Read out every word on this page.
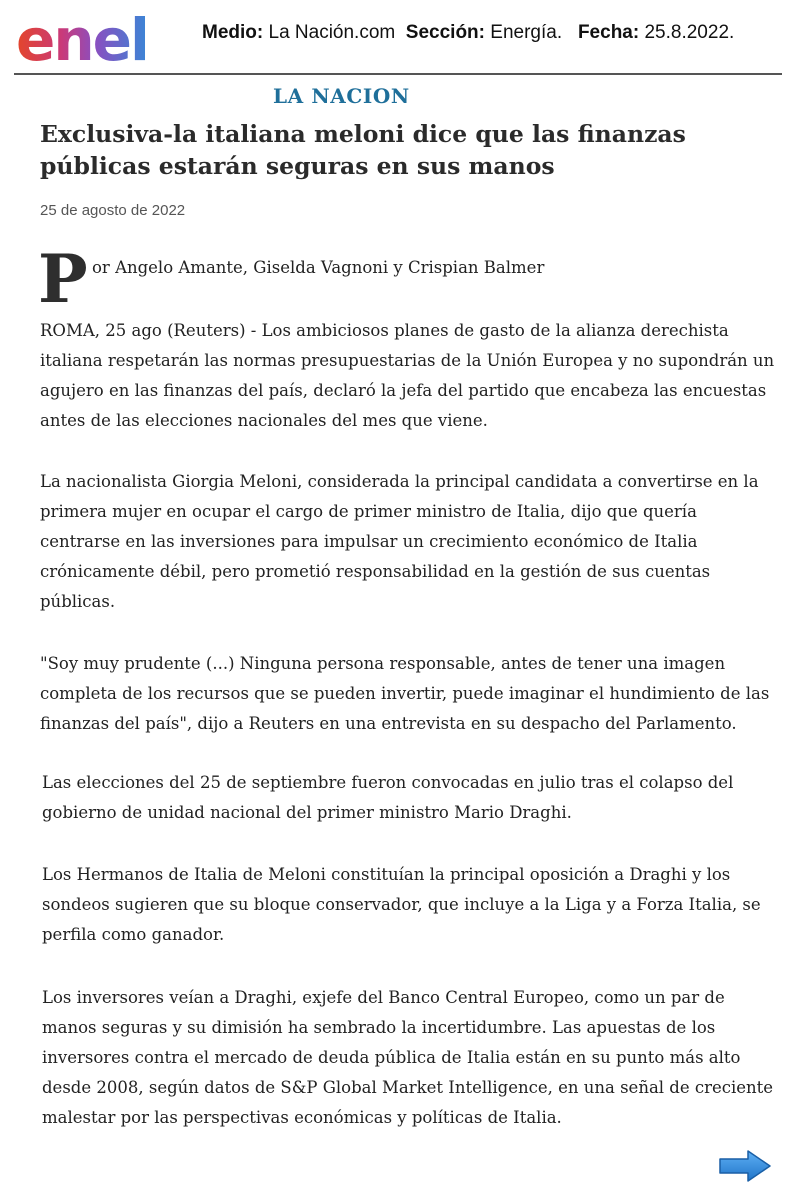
enel	Medio: La Nación.com Sección: Energía. Fecha: 25.8.2022.
LA NACION
Exclusiva-la italiana meloni dice que las finanzas públicas estarán seguras en sus manos
25 de agosto de 2022
P or Angelo Amante, Giselda Vagnoni y Crispian Balmer

ROMA, 25 ago (Reuters) - Los ambiciosos planes de gasto de la alianza derechista italiana respetarán las normas presupuestarias de la Unión Europea y no supondrán un agujero en las finanzas del país, declaró la jefa del partido que encabeza las encuestas antes de las elecciones nacionales del mes que viene.

La nacionalista Giorgia Meloni, considerada la principal candidata a convertirse en la primera mujer en ocupar el cargo de primer ministro de Italia, dijo que quería centrarse en las inversiones para impulsar un crecimiento económico de Italia crónicamente débil, pero prometió responsabilidad en la gestión de sus cuentas públicas.

"Soy muy prudente (...) Ninguna persona responsable, antes de tener una imagen completa de los recursos que se pueden invertir, puede imaginar el hundimiento de las finanzas del país", dijo a Reuters en una entrevista en su despacho del Parlamento.

Las elecciones del 25 de septiembre fueron convocadas en julio tras el colapso del gobierno de unidad nacional del primer ministro Mario Draghi.

Los Hermanos de Italia de Meloni constituían la principal oposición a Draghi y los sondeos sugieren que su bloque conservador, que incluye a la Liga y a Forza Italia, se perfila como ganador.

Los inversores veían a Draghi, exjefe del Banco Central Europeo, como un par de manos seguras y su dimisión ha sembrado la incertidumbre. Las apuestas de los inversores contra el mercado de deuda pública de Italia están en su punto más alto desde 2008, según datos de S&P Global Market Intelligence, en una señal de creciente malestar por las perspectivas económicas y políticas de Italia.
